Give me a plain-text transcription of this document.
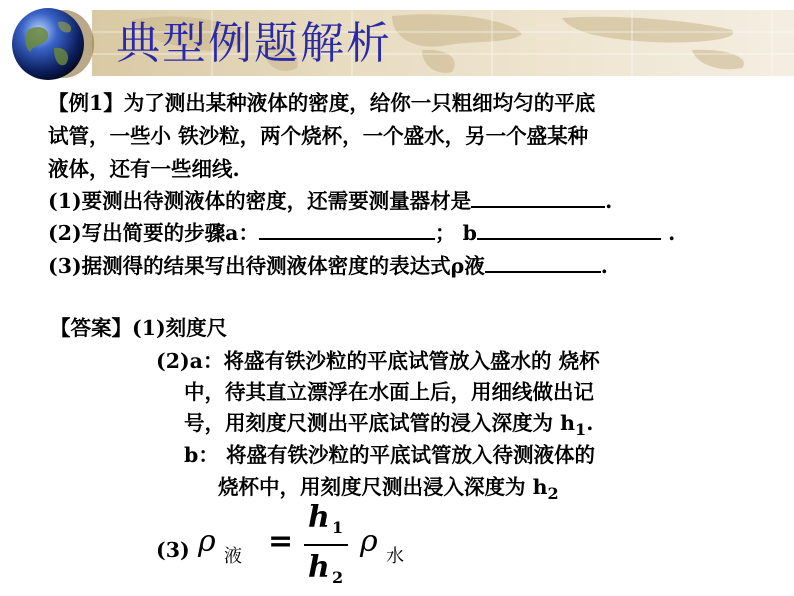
典型例题解析
【例1】为了测出某种液体的密度，给你一只粗细均匀的平底
试管，一些小 铁沙粒，两个烧杯，一个盛水，另一个盛某种
液体，还有一些细线.
(1)要测出待测液体的密度，还需要测量器材是	.
(2)写出简要的步骤a：	； b	.
(3)据测得的结果写出待测液体密度的表达式ρ液	.
【答案】(1)刻度尺
(2)a：将盛有铁沙粒的平底试管放入盛水的 烧杯
中，待其直立漂浮在水面上后，用细线做出记
号，用刻度尺测出平底试管的浸入深度为 $h_1$.
b： 将盛有铁沙粒的平底试管放入待测液体的
烧杯中，用刻度尺测出浸入深度为 $h_2$
(3) ρ 液 =
h 1
h 2
ρ 水
